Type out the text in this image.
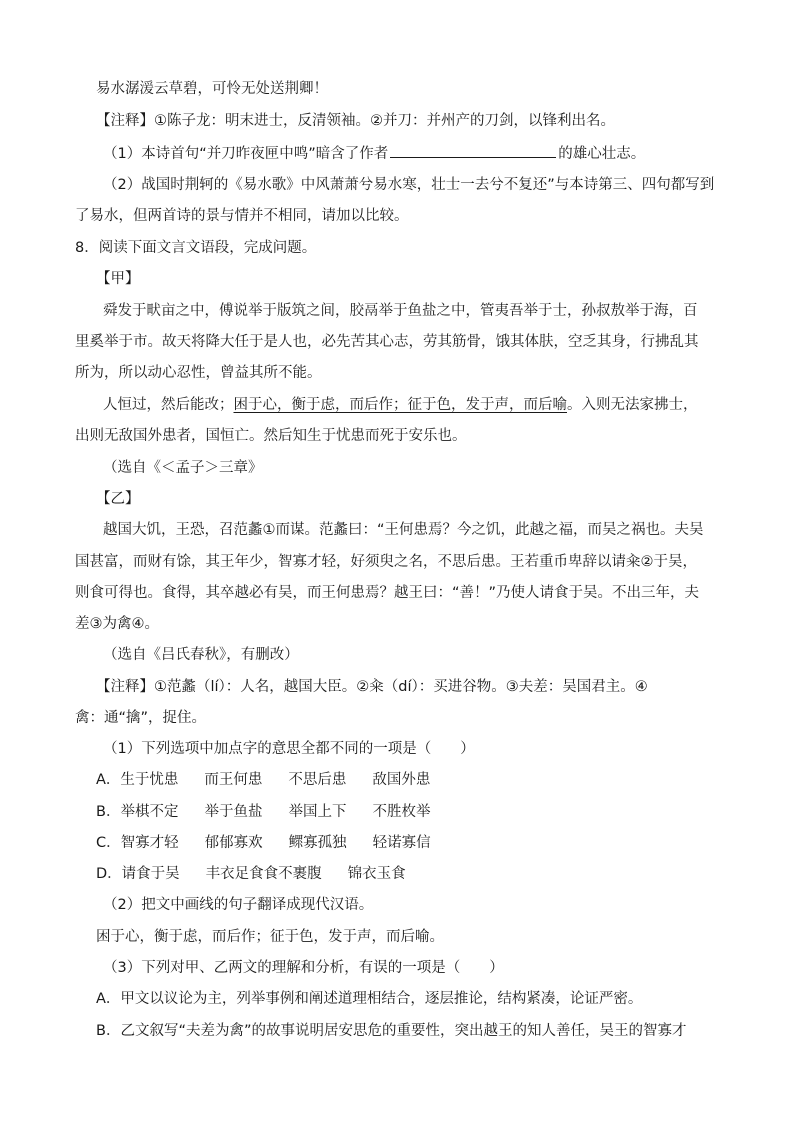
易水潺湲云草碧，可怜无处送荆卿！
【注释】①陈子龙：明末进士，反清领袖。②并刀：并州产的刀剑，以锋利出名。
（1）本诗首句“并刀昨夜匣中鸣”暗含了作者	的雄心壮志。
（2）战国时荆轲的《易水歌》中风萧萧兮易水寒，壮士一去兮不复还”与本诗第三、四句都写到
了易水，但两首诗的景与情并不相同，请加以比较。
8．阅读下面文言文语段，完成问题。
【甲】
舜发于畎亩之中，傅说举于版筑之间，胶鬲举于鱼盐之中，管夷吾举于士，孙叔敖举于海，百
里奚举于市。故天将降大任于是人也，必先苦其心志，劳其筋骨，饿其体肤，空乏其身，行拂乱其
所为，所以动心忍性，曾益其所不能。
人恒过，然后能改；困于心，衡于虑，而后作；征于色，发于声，而后喻。入则无法家拂士，
出则无敌国外患者，国恒亡。然后知生于忧患而死于安乐也。
（选自《＜孟子＞三章》
【乙】
越国大饥，王恐，召范蠡①而谋。范蠡曰：“王何患焉？今之饥，此越之福，而吴之祸也。夫吴
国甚富，而财有馀，其王年少，智寡才轻，好须臾之名，不思后患。王若重币卑辞以请籴②于吴，
则食可得也。食得，其卒越必有吴，而王何患焉？越王曰：“善！”乃使人请食于吴。不出三年，夫
差③为禽④。
（选自《吕氏春秋》，有删改）
【注释】①范蠡（lí）：人名，越国大臣。②籴（dí）：买进谷物。③夫差：吴国君主。④
禽：通“擒”，捉住。
（1）下列选项中加点字的意思全都不同的一项是（　　）
A．生于忧患 而王何患 不思后患 敌国外患
B．举棋不定 举于鱼盐 举国上下 不胜枚举
C．智寡才轻 郁郁寡欢 鳏寡孤独 轻诺寡信
D．请食于吴 丰衣足食食不裹腹 锦衣玉食
（2）把文中画线的句子翻译成现代汉语。
困于心，衡于虑，而后作；征于色，发于声，而后喻。
（3）下列对甲、乙两文的理解和分析，有误的一项是（　　）
A．甲文以议论为主，列举事例和阐述道理相结合，逐层推论，结构紧凑，论证严密。
B．乙文叙写“夫差为禽”的故事说明居安思危的重要性，突出越王的知人善任，吴王的智寡才
